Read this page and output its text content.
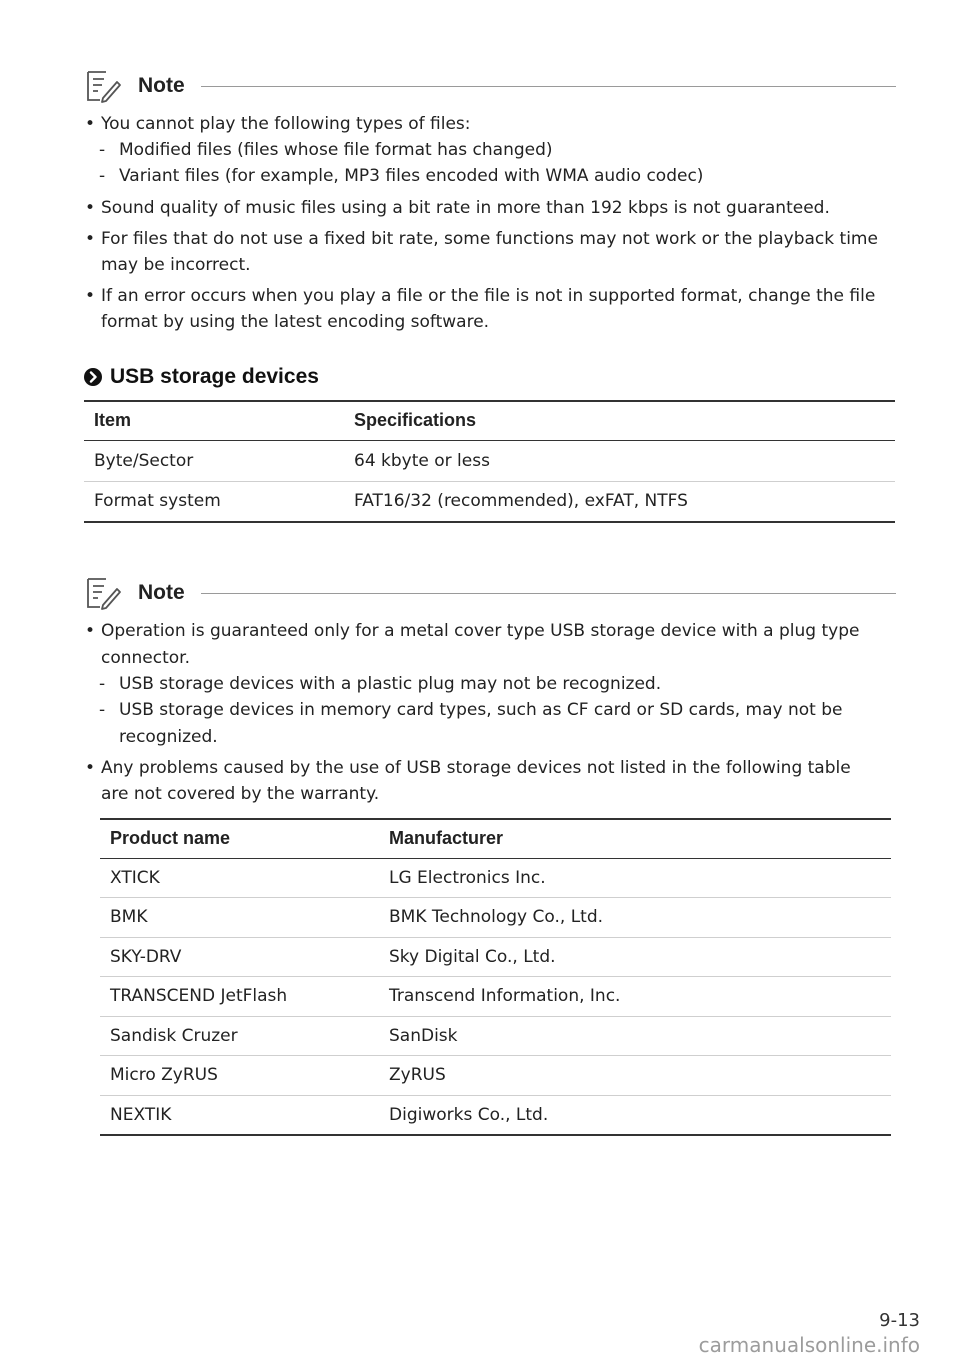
Note
• You cannot play the following types of files:
- Modified files (files whose file format has changed)
- Variant files (for example, MP3 files encoded with WMA audio codec)
• Sound quality of music files using a bit rate in more than 192 kbps is not guaranteed.
• For files that do not use a fixed bit rate, some functions may not work or the playback time
may be incorrect.
• If an error occurs when you play a file or the file is not in supported format, change the file
format by using the latest encoding software.
USB storage devices
Item	Specifications
Byte/Sector	64 kbyte or less
Format system	FAT16/32 (recommended), exFAT, NTFS
Note
• Operation is guaranteed only for a metal cover type USB storage device with a plug type
connector.
- USB storage devices with a plastic plug may not be recognized.
- USB storage devices in memory card types, such as CF card or SD cards, may not be
recognized.
• Any problems caused by the use of USB storage devices not listed in the following table
are not covered by the warranty.
Product name	Manufacturer
XTICK	LG Electronics Inc.
BMK	BMK Technology Co., Ltd.
SKY-DRV	Sky Digital Co., Ltd.
TRANSCEND JetFlash	Transcend Information, Inc.
Sandisk Cruzer	SanDisk
Micro ZyRUS	ZyRUS
NEXTIK	Digiworks Co., Ltd.
9-13
carmanualsonline.info
